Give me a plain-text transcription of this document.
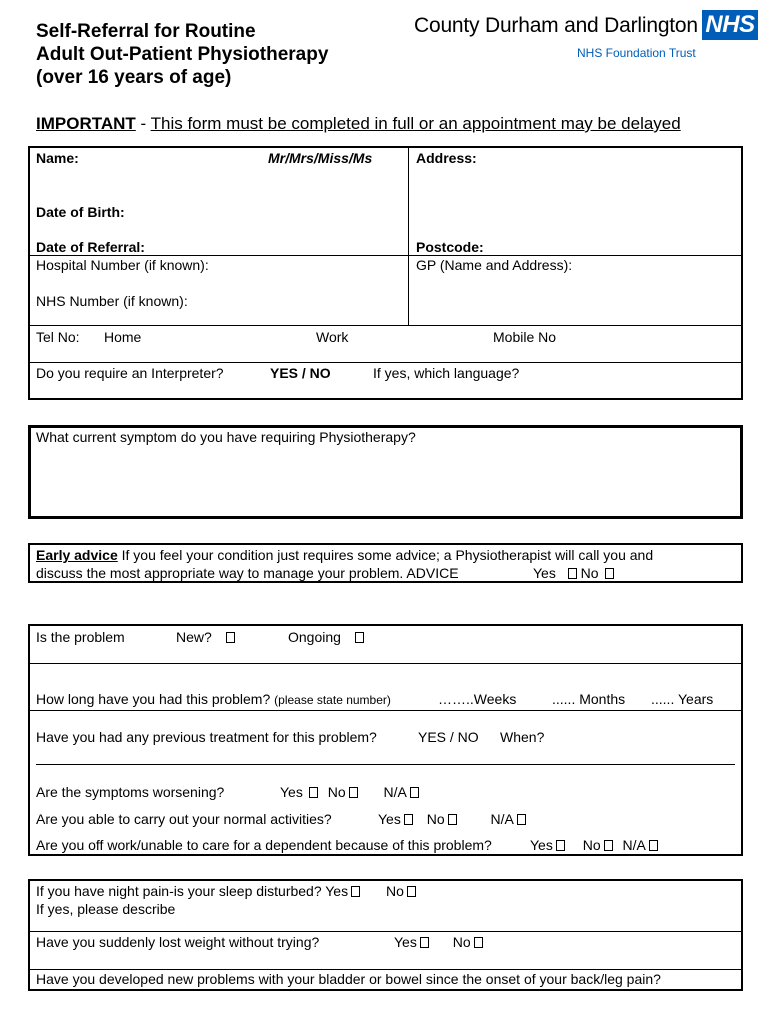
Self-Referral for Routine
Adult Out-Patient Physiotherapy
(over 16 years of age)
County Durham and Darlington
NHS Foundation Trust
NHS
IMPORTANT - This form must be completed in full or an appointment may be delayed
Name:	Mr/Mrs/Miss/Ms	Address:
Date of Birth:
Date of Referral:	Postcode:
Hospital Number (if known):	GP (Name and Address):
NHS Number (if known):
Tel No: Home	Work	Mobile No
Do you require an Interpreter?	YES / NO	If yes, which language?
What current symptom do you have requiring Physiotherapy?
Early advice If you feel your condition just requires some advice; a Physiotherapist will call you and
discuss the most appropriate way to manage your problem. ADVICE	Yes No
Is the problem	New?	Ongoing
How long have you had this problem? (please state number)	……..Weeks	...... Months ...... Years
Have you had any previous treatment for this problem?	YES / NO When?
Are the symptoms worsening?	Yes No	N/A
Are you able to carry out your normal activities?	Yes No	N/A
Are you off work/unable to care for a dependent because of this problem?	Yes No N/A
If you have night pain-is your sleep disturbed? Yes	No
If yes, please describe
Have you suddenly lost weight without trying?	Yes	No
Have you developed new problems with your bladder or bowel since the onset of your back/leg pain?
